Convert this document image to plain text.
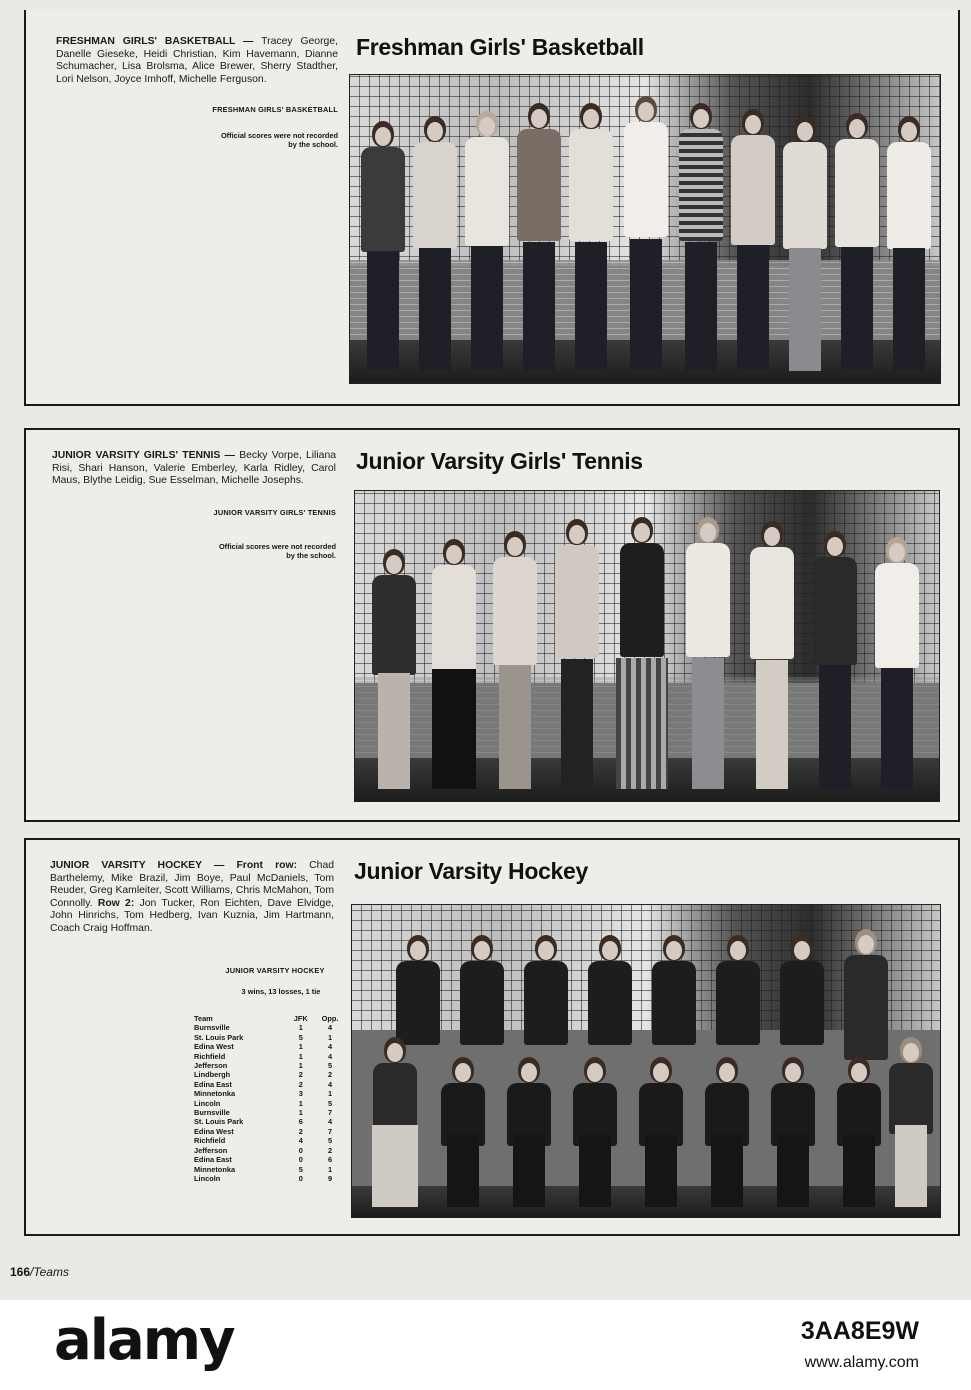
FRESHMAN GIRLS' BASKETBALL — Tracey George, Danelle Gieseke, Heidi Christian, Kim Havemann, Dianne Schumacher, Lisa Brolsma, Alice Brewer, Sherry Stadther, Lori Nelson, Joyce Imhoff, Michelle Ferguson.
FRESHMAN GIRLS' BASKETBALL
Official scores were not recorded by the school.
Freshman Girls' Basketball
JUNIOR VARSITY GIRLS' TENNIS — Becky Vorpe, Liliana Risi, Shari Hanson, Valerie Emberley, Karla Ridley, Carol Maus, Blythe Leidig, Sue Esselman, Michelle Josephs.
JUNIOR VARSITY GIRLS' TENNIS
Official scores were not recorded by the school.
Junior Varsity Girls' Tennis
JUNIOR VARSITY HOCKEY — Front row: Chad Barthelemy, Mike Brazil, Jim Boye, Paul McDaniels, Tom Reuder, Greg Kamleiter, Scott Williams, Chris McMahon, Tom Connolly. Row 2: Jon Tucker, Ron Eichten, Dave Elvidge, John Hinrichs, Tom Hedberg, Ivan Kuznia, Jim Hartmann, Coach Craig Hoffman.
JUNIOR VARSITY HOCKEY
3 wins, 13 losses, 1 tie
Team	JFK	Opp.
Burnsville	1	4
St. Louis Park	5	1
Edina West	1	4
Richfield	1	4
Jefferson	1	5
Lindbergh	2	2
Edina East	2	4
Minnetonka	3	1
Lincoln	1	5
Burnsville	1	7
St. Louis Park	6	4
Edina West	2	7
Richfield	4	5
Jefferson	0	2
Edina East	0	6
Minnetonka	5	1
Lincoln	0	9
Junior Varsity Hockey
166/Teams
alamy	3AA8E9W
www.alamy.com
